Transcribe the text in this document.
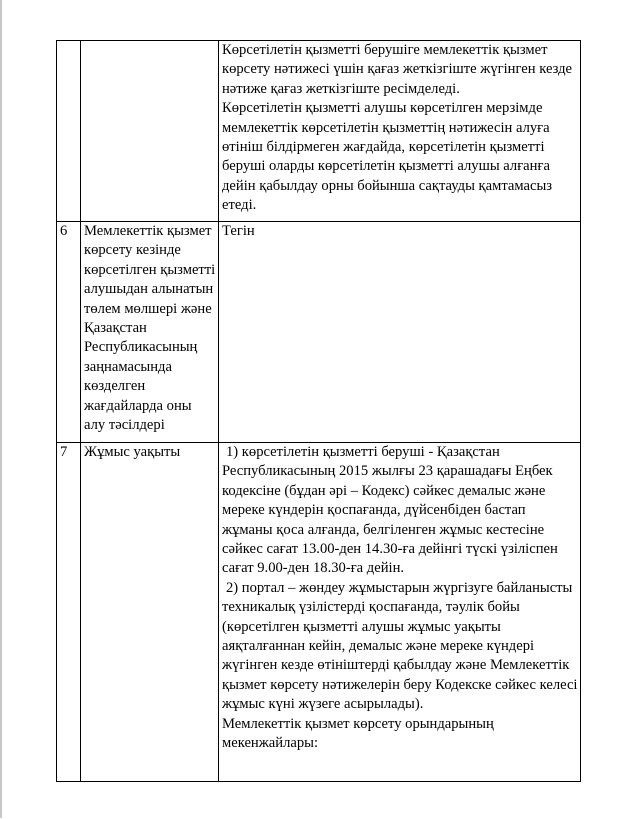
		Көрсетілетін қызметті берушіге мемлекеттік қызмет көрсету нәтижесі үшін қағаз жеткізгіште жүгінген кезде нәтиже қағаз жеткізгіште ресімделеді.
Көрсетілетін қызметті алушы көрсетілген мерзімде мемлекеттік көрсетілетін қызметтің нәтижесін алуға өтініш білдірмеген жағдайда, көрсетілетін қызметті беруші оларды көрсетілетін қызметті алушы алғанға дейін қабылдау орны бойынша сақтауды қамтамасыз етеді.

6	Мемлекеттік қызмет көрсету кезінде көрсетілген қызметті алушыдан алынатын төлем мөлшері және Қазақстан Республикасының заңнамасында көзделген жағдайларда оны алу тәсілдері	Тегін

7	Жұмыс уақыты	1) көрсетілетін қызметті беруші - Қазақстан Республикасының 2015 жылғы 23 қарашадағы Еңбек кодексіне (бұдан әрі – Кодекс) сәйкес демалыс және мереке күндерін қоспағанда, дүйсенбіден бастап жұманы қоса алғанда, белгіленген жұмыс кестесіне сәйкес сағат 13.00-ден 14.30-ға дейінгі түскі үзіліспен сағат 9.00-ден 18.30-ға дейін.
2) портал – жөндеу жұмыстарын жүргізуге байланысты техникалық үзілістерді қоспағанда, тәулік бойы (көрсетілген қызметті алушы жұмыс уақыты аяқталғаннан кейін, демалыс және мереке күндері жүгінген кезде өтініштерді қабылдау және Мемлекеттік қызмет көрсету нәтижелерін беру Кодекске сәйкес келесі жұмыс күні жүзеге асырылады).
Мемлекеттік қызмет көрсету орындарының мекенжайлары:
